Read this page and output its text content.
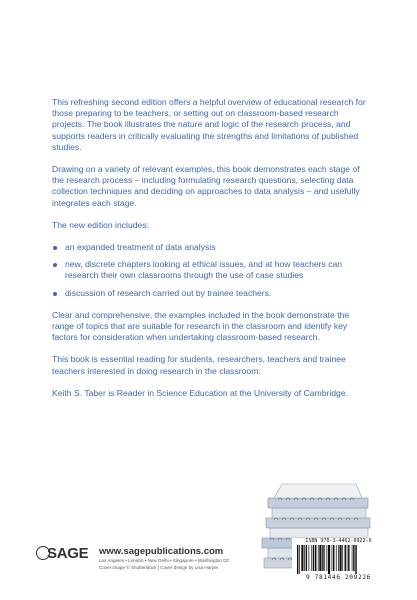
This refreshing second edition offers a helpful overview of educational research for those preparing to be teachers, or setting out on classroom-based research projects. The book illustrates the nature and logic of the research process, and supports readers in critically evaluating the strengths and limitations of published studies.

Drawing on a variety of relevant examples, this book demonstrates each stage of the research process – including formulating research questions, selecting data collection techniques and deciding on approaches to data analysis – and usefully integrates each stage.

The new edition includes:

an expanded treatment of data analysis
new, discrete chapters looking at ethical issues, and at how teachers can research their own classrooms through the use of case studies
discussion of research carried out by trainee teachers.

Clear and comprehensive, the examples included in the book demonstrate the range of topics that are suitable for research in the classroom and identify key factors for consideration when undertaking classroom-based research.

This book is essential reading for students, researchers, teachers and trainee teachers interested in doing research in the classroom.

Keith S. Taber is Reader in Science Education at the University of Cambridge.

SAGE www.sagepublications.com
Los Angeles • London • New Delhi • Singapore • Washington DC
Cover image © Shutterstock | Cover design by Lisa Harper
ISBN 978-1-4462-0922-6
9 781446 209226
